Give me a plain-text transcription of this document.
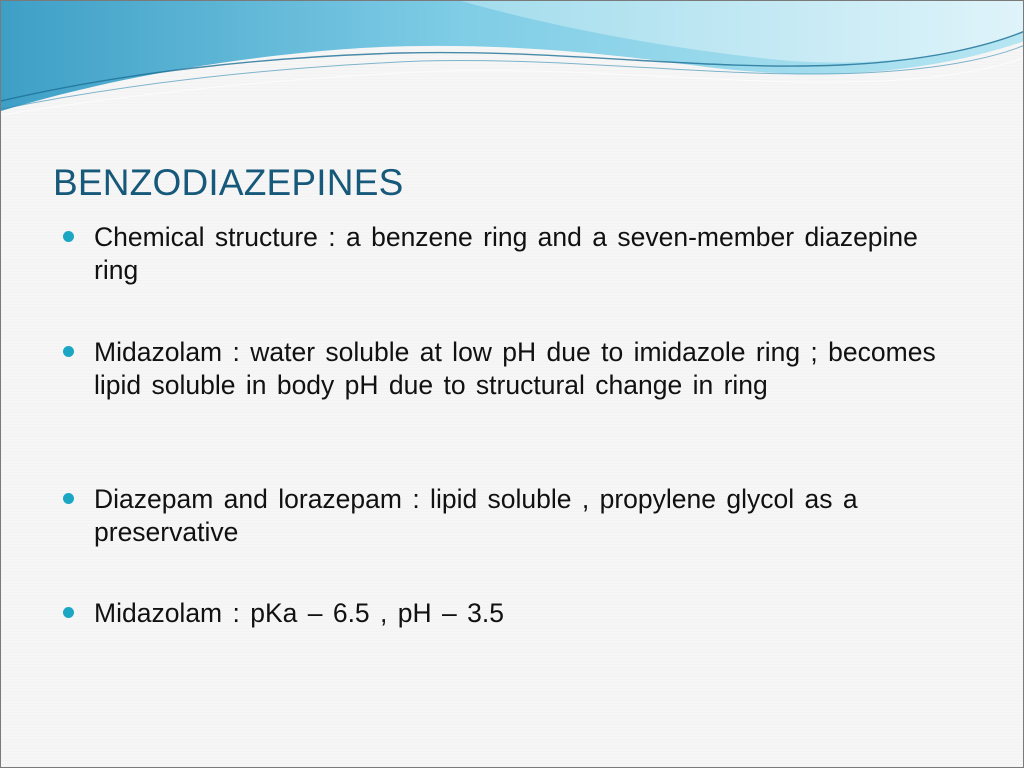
BENZODIAZEPINES
Chemical structure : a benzene ring and a seven-member diazepine ring
Midazolam : water soluble at low pH due to imidazole ring ; becomes lipid soluble in body pH due to structural change in ring
Diazepam and lorazepam : lipid soluble , propylene glycol as a preservative
Midazolam : pKa – 6.5 , pH – 3.5
